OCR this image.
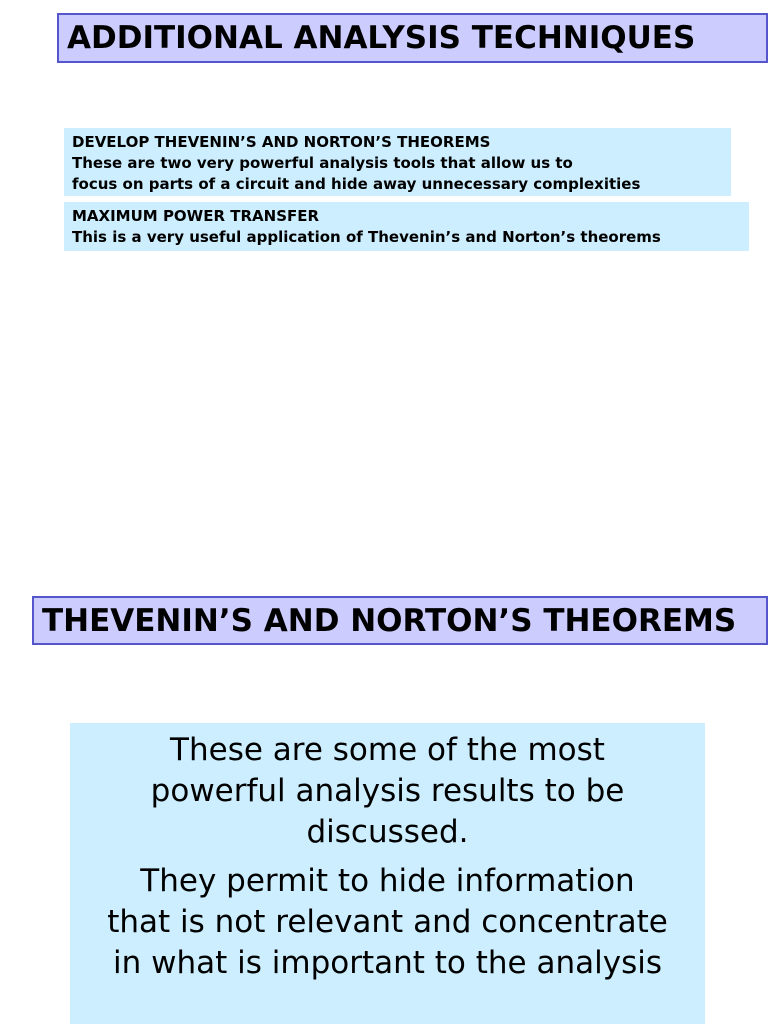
ADDITIONAL ANALYSIS TECHNIQUES
DEVELOP THEVENIN’S AND NORTON’S THEOREMS
These are two very powerful analysis tools that allow us to
focus on parts of a circuit and hide away unnecessary complexities
MAXIMUM POWER TRANSFER
This is a very useful application of Thevenin’s and Norton’s theorems
THEVENIN’S AND NORTON’S THEOREMS

These are some of the most
powerful analysis results to be
discussed.

They permit to hide information
that is not relevant and concentrate
in what is important to the analysis
